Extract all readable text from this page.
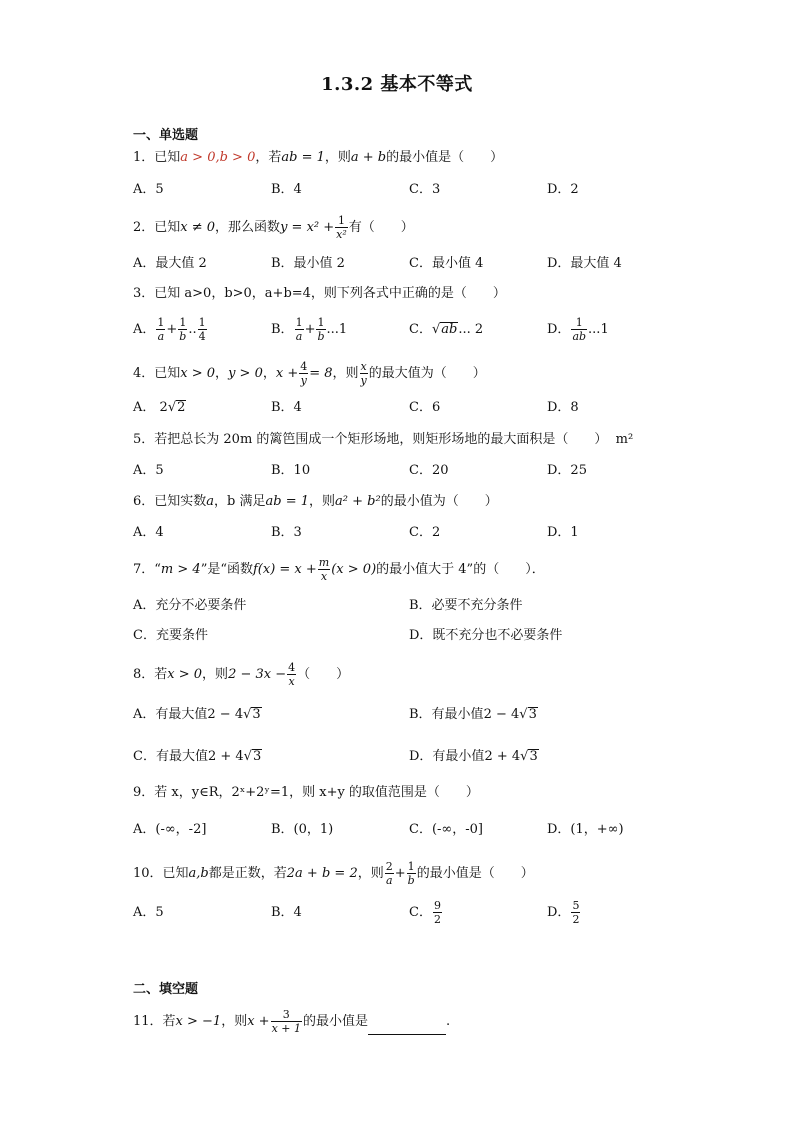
1.3.2 基本不等式
一、单选题
1．已知a > 0,b > 0，若ab = 1，则a + b的最小值是（　　）
A．5	B．4	C．3	D．2
2．已知x ≠ 0，那么函数$y = x^2 + \frac{1}{\text{x²}}$ 有（　　）
A．最大值 2	B．最小值 2	C．最小值 4	D．最大值 4
3．已知 a>0，b>0，a+b=4，则下列各式中正确的是（　　）
A． $\frac{1}{a} + \frac{1}{b}$ .. $\frac{1}{4}$	B． $\frac{1}{a} + \frac{1}{b} ...1$	C．√ab... 2	D． $\frac{1}{ab} ...1$
4．已知x > 0，y > 0，$x + \frac{4}{y} = 8$，则 $\frac{x}{y}$ 的最大值为（　　）
A． 2√2	B．4	C．6	D．8
5．若把总长为 20m 的篱笆围成一个矩形场地，则矩形场地的最大面积是（　　） m²
A．5	B．10	C．20	D．25
6．已知实数a，b 满足ab = 1，则a² + b²的最小值为（　　）
A．4	B．3	C．2	D．1
7．“m > 4”是“函数$f(x) = x + \frac{m}{x} (x > 0)$的最小值大于 4”的（　　）．
A．充分不必要条件	B．必要不充分条件
C．充要条件	D．既不充分也不必要条件
8．若x > 0，则$2 - 3x - \frac{4}{x}$ （　　）
A．有最大值2 − 4√3	B．有最小值2 − 4√3
C．有最大值2 + 4√3	D．有最小值2 + 4√3
9．若 x，y∈R，2ˣ+2ʸ=1，则 x+y 的取值范围是（　　）
A．(-∞，-2]	B．(0，1)	C．(-∞，-0]	D．(1，+∞)
10．已知a,b都是正数，若2a + b = 2，则 $\frac{2}{a} + \frac{1}{b}$ 的最小值是（　　）
A．5	B．4	C． $\frac{9}{2}$	D． $\frac{5}{2}$
二、填空题
11．若x > −1，则$x + \frac{3}{x + 1}$ 的最小值是	.
